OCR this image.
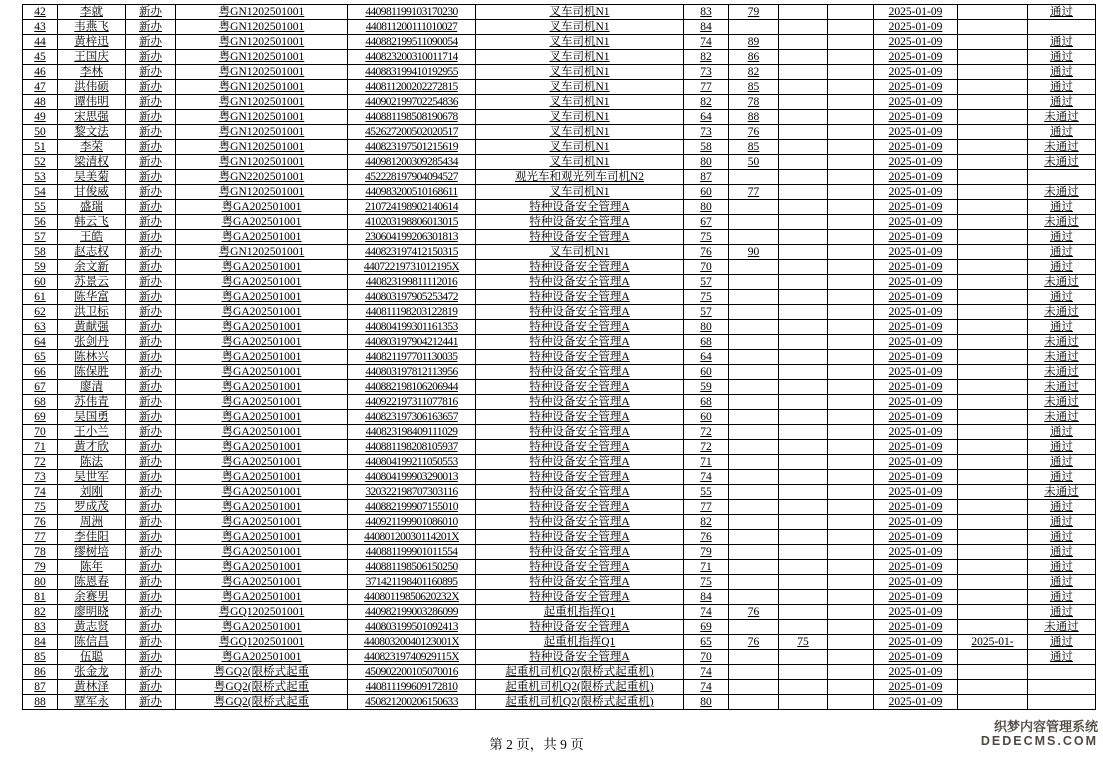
42	李就	新办	粤GN1202501001	440981199103170230	叉车司机N1	83	79			2025-01-09		通过
43	韦燕飞	新办	粤GN1202501001	440811200111010027	叉车司机N1	84				2025-01-09		
44	黄梓迅	新办	粤GN1202501001	440882199511090054	叉车司机N1	74	89			2025-01-09		通过
45	王国庆	新办	粤GN1202501001	440823200310011714	叉车司机N1	82	86			2025-01-09		通过
46	李林	新办	粤GN1202501001	440883199410192955	叉车司机N1	73	82			2025-01-09		通过
47	洪伟硕	新办	粤GN1202501001	440811200202272815	叉车司机N1	77	85			2025-01-09		通过
48	谭伟明	新办	粤GN1202501001	440902199702254836	叉车司机N1	82	78			2025-01-09		通过
49	宋思强	新办	粤GN1202501001	440881198508190678	叉车司机N1	64	88			2025-01-09		未通过
50	黎文法	新办	粤GN1202501001	452627200502020517	叉车司机N1	73	76			2025-01-09		通过
51	李荣	新办	粤GN1202501001	440823197501215619	叉车司机N1	58	85			2025-01-09		未通过
52	梁清权	新办	粤GN1202501001	440981200309285434	叉车司机N1	80	50			2025-01-09		未通过
53	吴美菊	新办	粤GN2202501001	452228197904094527	观光车和观光列车司机N2	87				2025-01-09		
54	甘俊威	新办	粤GN1202501001	440983200510168611	叉车司机N1	60	77			2025-01-09		未通过
55	盛瑞	新办	粤GA202501001	210724198902140614	特种设备安全管理A	80				2025-01-09		通过
56	韩云飞	新办	粤GA202501001	410203198806013015	特种设备安全管理A	67				2025-01-09		未通过
57	王皓	新办	粤GA202501001	230604199206301813	特种设备安全管理A	75				2025-01-09		通过
58	赵志权	新办	粤GN1202501001	440823197412150315	叉车司机N1	76	90			2025-01-09		通过
59	余文新	新办	粤GA202501001	44072219731012195X	特种设备安全管理A	70				2025-01-09		通过
60	苏景云	新办	粤GA202501001	440823199811112016	特种设备安全管理A	57				2025-01-09		未通过
61	陈华富	新办	粤GA202501001	440803197905253472	特种设备安全管理A	75				2025-01-09		通过
62	洪卫标	新办	粤GA202501001	440811198203122819	特种设备安全管理A	57				2025-01-09		未通过
63	黄献强	新办	粤GA202501001	440804199301161353	特种设备安全管理A	80				2025-01-09		通过
64	张剑丹	新办	粤GA202501001	440803197904212441	特种设备安全管理A	68				2025-01-09		未通过
65	陈林兴	新办	粤GA202501001	440821197701130035	特种设备安全管理A	64				2025-01-09		未通过
66	陈保胜	新办	粤GA202501001	440803197812113956	特种设备安全管理A	60				2025-01-09		未通过
67	廖清	新办	粤GA202501001	440882198106206944	特种设备安全管理A	59				2025-01-09		未通过
68	苏伟青	新办	粤GA202501001	440922197311077816	特种设备安全管理A	68				2025-01-09		未通过
69	吴国勇	新办	粤GA202501001	440823197306163657	特种设备安全管理A	60				2025-01-09		未通过
70	王小兰	新办	粤GA202501001	440823198409111029	特种设备安全管理A	72				2025-01-09		通过
71	黄才欣	新办	粤GA202501001	440881198208105937	特种设备安全管理A	72				2025-01-09		通过
72	陈法	新办	粤GA202501001	440804199211050553	特种设备安全管理A	71				2025-01-09		通过
73	吴世军	新办	粤GA202501001	440804199903290013	特种设备安全管理A	74				2025-01-09		通过
74	刘刚	新办	粤GA202501001	320322198707303116	特种设备安全管理A	55				2025-01-09		未通过
75	罗成茂	新办	粤GA202501001	440882199907155010	特种设备安全管理A	77				2025-01-09		通过
76	周洲	新办	粤GA202501001	440921199901086010	特种设备安全管理A	82				2025-01-09		通过
77	李佳阳	新办	粤GA202501001	44080120030114201X	特种设备安全管理A	76				2025-01-09		通过
78	缪树培	新办	粤GA202501001	440881199901011554	特种设备安全管理A	79				2025-01-09		通过
79	陈年	新办	粤GA202501001	440881198506150250	特种设备安全管理A	71				2025-01-09		通过
80	陈恩春	新办	粤GA202501001	371421198401160895	特种设备安全管理A	75				2025-01-09		通过
81	余赛男	新办	粤GA202501001	44080119850620232X	特种设备安全管理A	84				2025-01-09		通过
82	廖明晓	新办	粤GQ1202501001	440982199003286099	起重机指挥Q1	74	76			2025-01-09		通过
83	黄志贤	新办	粤GA202501001	440803199501092413	特种设备安全管理A	69				2025-01-09		未通过
84	陈信昌	新办	粤GQ1202501001	44080320040123001X	起重机指挥Q1	65	76	75		2025-01-09	2025-01-	通过
85	伍聪	新办	粤GA202501001	44082319740929115X	特种设备安全管理A	70				2025-01-09		通过
86	张金龙	新办	粤GQ2(限桥式起重	450902200105070016	起重机司机Q2(限桥式起重机)	74				2025-01-09		
87	黄林泽	新办	粤GQ2(限桥式起重	440811199609172810	起重机司机Q2(限桥式起重机)	74				2025-01-09		
88	覃军永	新办	粤GQ2(限桥式起重	450821200206150633	起重机司机Q2(限桥式起重机)	80				2025-01-09		
第 2 页，共 9 页
织梦内容管理系统
DEDECMS.COM
